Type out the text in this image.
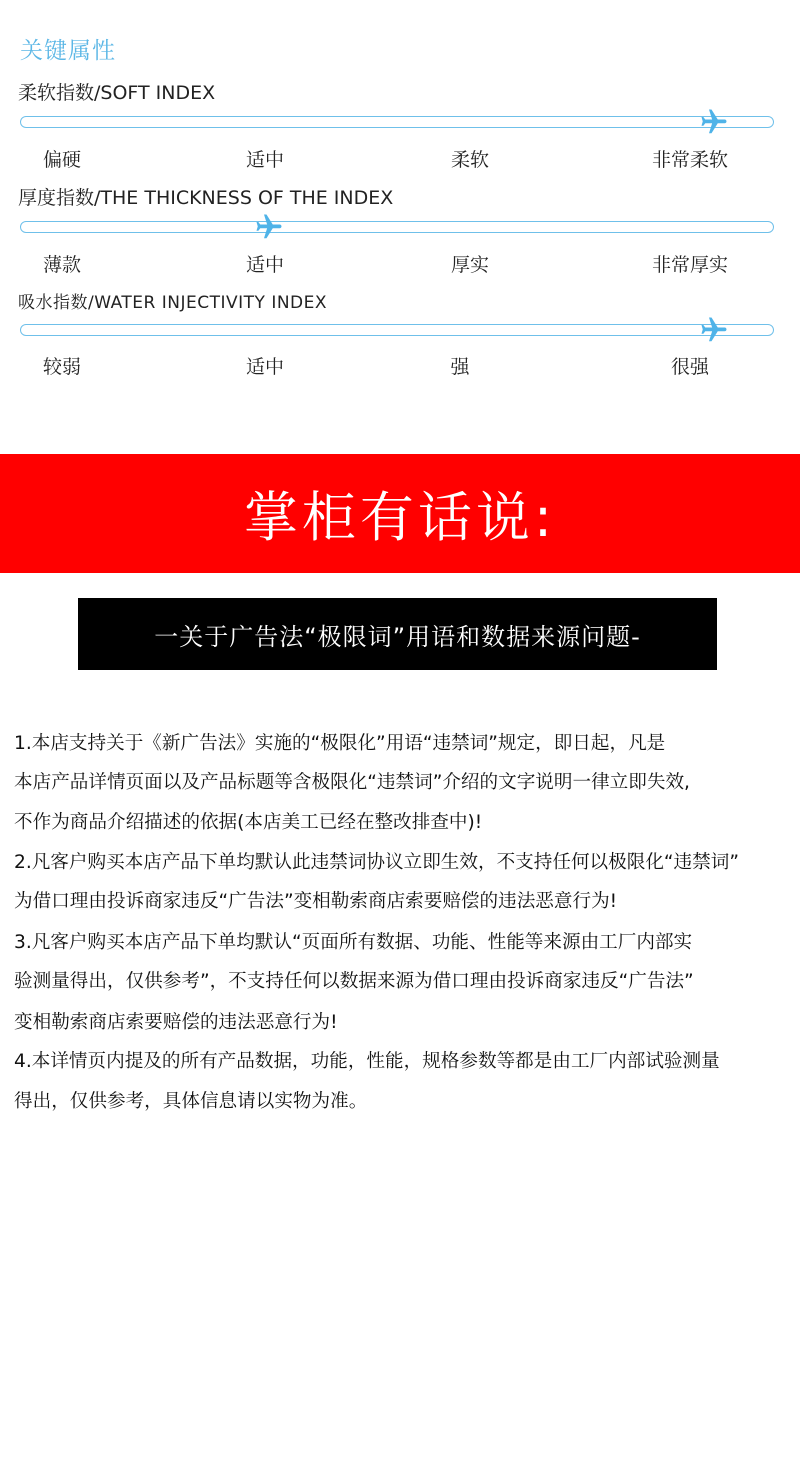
关键属性
柔软指数/SOFT INDEX
偏硬	适中	柔软	非常柔软
厚度指数/THE THICKNESS OF THE INDEX
薄款	适中	厚实	非常厚实
吸水指数/WATER INJECTIVITY INDEX
较弱	适中	强	很强
掌柜有话说:
一关于广告法“极限词”用语和数据来源问题-
1.本店支持关于《新广告法》实施的“极限化”用语“违禁词”规定，即日起，凡是
本店产品详情页面以及产品标题等含极限化“违禁词”介绍的文字说明一律立即失效,
不作为商品介绍描述的依据(本店美工已经在整改排查中)!
2.凡客户购买本店产品下单均默认此违禁词协议立即生效，不支持任何以极限化“违禁词”
为借口理由投诉商家违反“广告法”变相勒索商店索要赔偿的违法恶意行为!
3.凡客户购买本店产品下单均默认“页面所有数据、功能、性能等来源由工厂内部实
验测量得出，仅供参考”，不支持任何以数据来源为借口理由投诉商家违反“广告法”
变相勒索商店索要赔偿的违法恶意行为!
4.本详情页内提及的所有产品数据，功能，性能，规格参数等都是由工厂内部试验测量
得出，仅供参考，具体信息请以实物为准。
